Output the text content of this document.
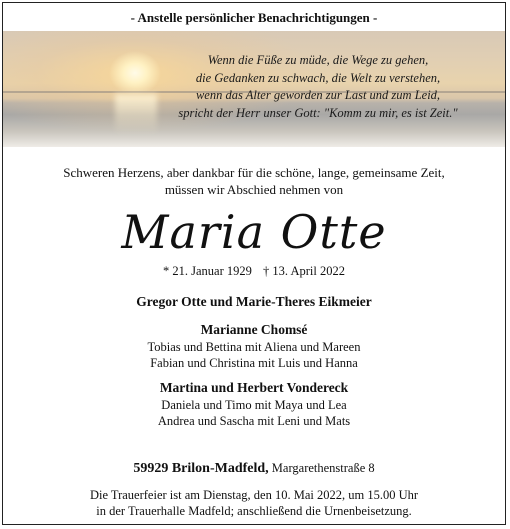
- Anstelle persönlicher Benachrichtigungen -
Wenn die Füße zu müde, die Wege zu gehen,
die Gedanken zu schwach, die Welt zu verstehen,
wenn das Alter geworden zur Last und zum Leid,
spricht der Herr unser Gott: "Komm zu mir, es ist Zeit."
Schweren Herzens, aber dankbar für die schöne, lange, gemeinsame Zeit,
müssen wir Abschied nehmen von
Maria Otte
* 21. Januar 1929 † 13. April 2022
Gregor Otte und Marie-Theres Eikmeier
Marianne Chomsé
Tobias und Bettina mit Aliena und Mareen
Fabian und Christina mit Luis und Hanna
Martina und Herbert Vondereck
Daniela und Timo mit Maya und Lea
Andrea und Sascha mit Leni und Mats
59929 Brilon-Madfeld, Margarethenstraße 8
Die Trauerfeier ist am Dienstag, den 10. Mai 2022, um 15.00 Uhr
in der Trauerhalle Madfeld; anschließend die Urnenbeisetzung.
